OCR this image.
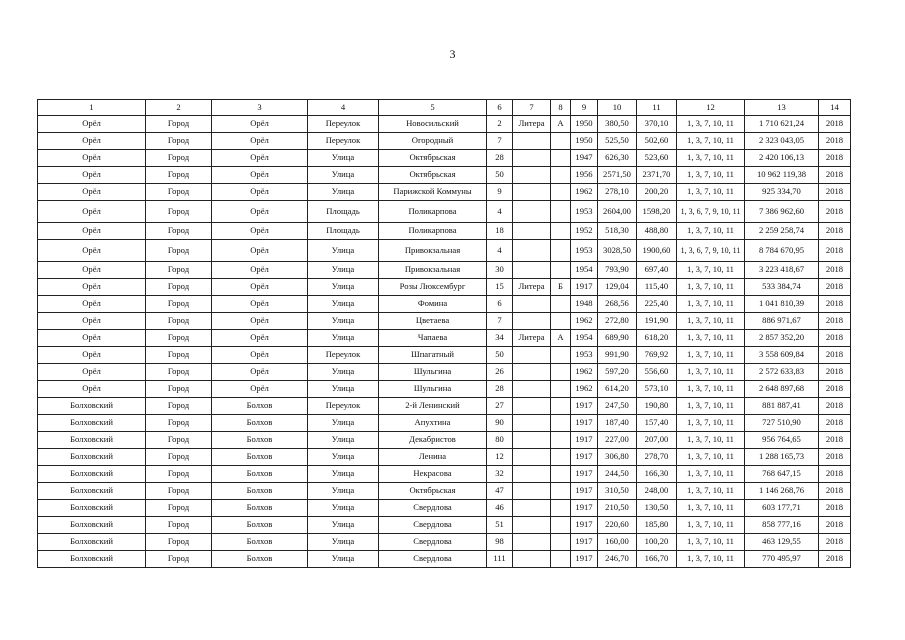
3
1	2	3	4	5	6	7	8	9	10	11	12	13	14
Орёл	Город	Орёл	Переулок	Новосильский	2	Литера	А	1950	380,50	370,10	1, 3, 7, 10, 11	1 710 621,24	2018
Орёл	Город	Орёл	Переулок	Огородный	7			1950	525,50	502,60	1, 3, 7, 10, 11	2 323 043,05	2018
Орёл	Город	Орёл	Улица	Октябрьская	28			1947	626,30	523,60	1, 3, 7, 10, 11	2 420 106,13	2018
Орёл	Город	Орёл	Улица	Октябрьская	50			1956	2571,50	2371,70	1, 3, 7, 10, 11	10 962 119,38	2018
Орёл	Город	Орёл	Улица	Парижской Коммуны	9			1962	278,10	200,20	1, 3, 7, 10, 11	925 334,70	2018
Орёл	Город	Орёл	Площадь	Поликарпова	4			1953	2604,00	1598,20	1, 3, 6, 7, 9, 10, 11	7 386 962,60	2018
Орёл	Город	Орёл	Площадь	Поликарпова	18			1952	518,30	488,80	1, 3, 7, 10, 11	2 259 258,74	2018
Орёл	Город	Орёл	Улица	Привокзальная	4			1953	3028,50	1900,60	1, 3, 6, 7, 9, 10, 11	8 784 670,95	2018
Орёл	Город	Орёл	Улица	Привокзальная	30			1954	793,90	697,40	1, 3, 7, 10, 11	3 223 418,67	2018
Орёл	Город	Орёл	Улица	Розы Люксембург	15	Литера	Б	1917	129,04	115,40	1, 3, 7, 10, 11	533 384,74	2018
Орёл	Город	Орёл	Улица	Фомина	6			1948	268,56	225,40	1, 3, 7, 10, 11	1 041 810,39	2018
Орёл	Город	Орёл	Улица	Цветаева	7			1962	272,80	191,90	1, 3, 7, 10, 11	886 971,67	2018
Орёл	Город	Орёл	Улица	Чапаева	34	Литера	А	1954	689,90	618,20	1, 3, 7, 10, 11	2 857 352,20	2018
Орёл	Город	Орёл	Переулок	Шпагатный	50			1953	991,90	769,92	1, 3, 7, 10, 11	3 558 609,84	2018
Орёл	Город	Орёл	Улица	Шульгина	26			1962	597,20	556,60	1, 3, 7, 10, 11	2 572 633,83	2018
Орёл	Город	Орёл	Улица	Шульгина	28			1962	614,20	573,10	1, 3, 7, 10, 11	2 648 897,68	2018
Болховский	Город	Болхов	Переулок	2-й Ленинский	27			1917	247,50	190,80	1, 3, 7, 10, 11	881 887,41	2018
Болховский	Город	Болхов	Улица	Апухтина	90			1917	187,40	157,40	1, 3, 7, 10, 11	727 510,90	2018
Болховский	Город	Болхов	Улица	Декабристов	80			1917	227,00	207,00	1, 3, 7, 10, 11	956 764,65	2018
Болховский	Город	Болхов	Улица	Ленина	12			1917	306,80	278,70	1, 3, 7, 10, 11	1 288 165,73	2018
Болховский	Город	Болхов	Улица	Некрасова	32			1917	244,50	166,30	1, 3, 7, 10, 11	768 647,15	2018
Болховский	Город	Болхов	Улица	Октябрьская	47			1917	310,50	248,00	1, 3, 7, 10, 11	1 146 268,76	2018
Болховский	Город	Болхов	Улица	Свердлова	46			1917	210,50	130,50	1, 3, 7, 10, 11	603 177,71	2018
Болховский	Город	Болхов	Улица	Свердлова	51			1917	220,60	185,80	1, 3, 7, 10, 11	858 777,16	2018
Болховский	Город	Болхов	Улица	Свердлова	98			1917	160,00	100,20	1, 3, 7, 10, 11	463 129,55	2018
Болховский	Город	Болхов	Улица	Свердлова	111			1917	246,70	166,70	1, 3, 7, 10, 11	770 495,97	2018
